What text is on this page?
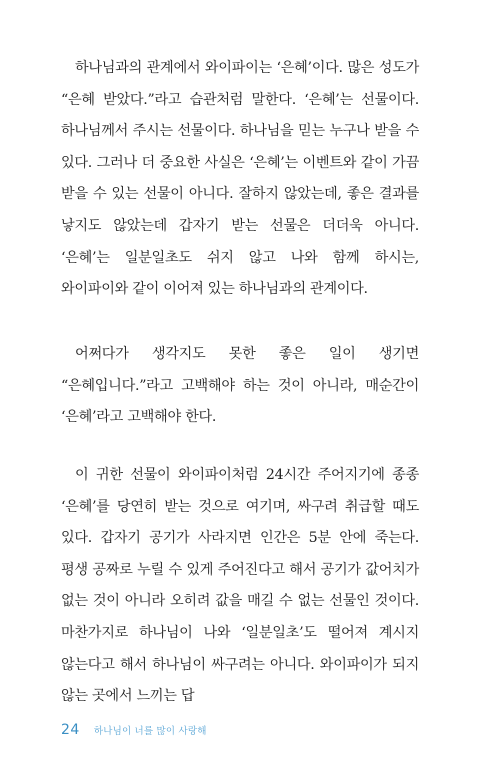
하나님과의 관계에서 와이파이는 ‘은혜’이다. 많은 성도가 “은혜 받았다.”라고 습관처럼 말한다. ‘은혜’는 선물이다. 하나님께서 주시는 선물이다. 하나님을 믿는 누구나 받을 수 있다. 그러나 더 중요한 사실은 ‘은혜’는 이벤트와 같이 가끔 받을 수 있는 선물이 아니다. 잘하지 않았는데, 좋은 결과를 낳지도 않았는데 갑자기 받는 선물은 더더욱 아니다. ‘은혜’는 일분일초도 쉬지 않고 나와 함께 하시는, 와이파이와 같이 이어져 있는 하나님과의 관계이다.

어쩌다가 생각지도 못한 좋은 일이 생기면 “은혜입니다.”라고 고백해야 하는 것이 아니라, 매순간이 ‘은혜’라고 고백해야 한다.

이 귀한 선물이 와이파이처럼 24시간 주어지기에 종종 ‘은혜’를 당연히 받는 것으로 여기며, 싸구려 취급할 때도 있다. 갑자기 공기가 사라지면 인간은 5분 안에 죽는다. 평생 공짜로 누릴 수 있게 주어진다고 해서 공기가 값어치가 없는 것이 아니라 오히려 값을 매길 수 없는 선물인 것이다. 마찬가지로 하나님이 나와 ‘일분일초’도 떨어져 계시지 않는다고 해서 하나님이 싸구려는 아니다. 와이파이가 되지 않는 곳에서 느끼는 답

24 하나님이 너를 많이 사랑해
